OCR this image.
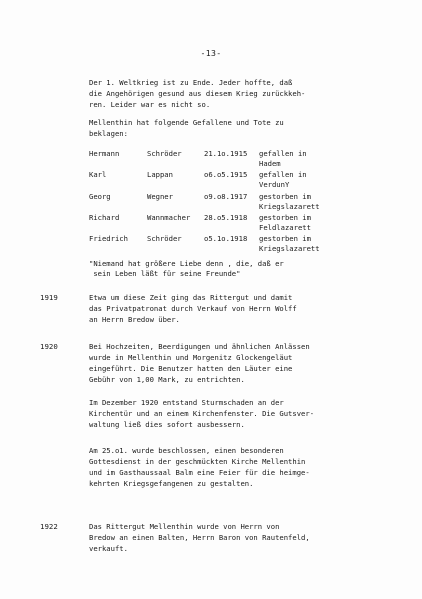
-13-
Der 1. Weltkrieg ist zu Ende. Jeder hoffte, daß
die Angehörigen gesund aus diesem Krieg zurückkeh-
ren. Leider war es nicht so.
Mellenthin hat folgende Gefallene und Tote zu
beklagen:
Hermann	Schröder	21.1o.1915	gefallen in
Hadem
Karl	Lappan	o6.o5.1915	gefallen in
VerdunY
Georg	Wegner	o9.o8.1917	gestorben im
Kriegslazarett
Richard	Wannmacher	28.o5.1918	gestorben im
Feldlazarett
Friedrich	Schröder	o5.1o.1918	gestorben im
Kriegslazarett
"Niemand hat größere Liebe denn , die, daß er
sein Leben läßt für seine Freunde"
1919	Etwa um diese Zeit ging das Rittergut und damit
das Privatpatronat durch Verkauf von Herrn Wolff
an Herrn Bredow über.
1920	Bei Hochzeiten, Beerdigungen und ähnlichen Anlässen
wurde in Mellenthin und Morgenitz Glockengeläut
eingeführt. Die Benutzer hatten den Läuter eine
Gebühr von 1,00 Mark, zu entrichten.
Im Dezember 1920 entstand Sturmschaden an der
Kirchentür und an einem Kirchenfenster. Die Gutsver-
waltung ließ dies sofort ausbessern.
Am 25.o1. wurde beschlossen, einen besonderen
Gottesdienst in der geschmückten Kirche Mellenthin
und im Gasthaussaal Balm eine Feier für die heimge-
kehrten Kriegsgefangenen zu gestalten.
1922	Das Rittergut Mellenthin wurde von Herrn von
Bredow an einen Balten, Herrn Baron von Rautenfeld,
verkauft.
